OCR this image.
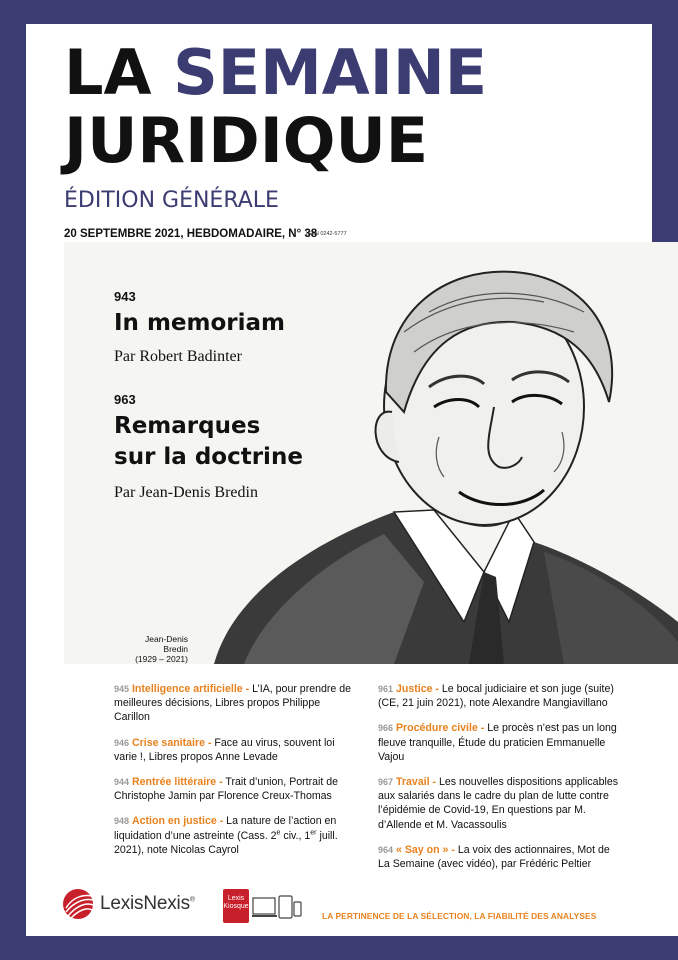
LA SEMAINE
JURIDIQUE
ÉDITION GÉNÉRALE
20 SEPTEMBRE 2021, HEBDOMADAIRE, N° 38
ISSN 0242-5777
943
In memoriam
Par Robert Badinter
963
Remarques
sur la doctrine
Par Jean-Denis Bredin
Jean-Denis Bredin
(1929 – 2021)
945 Intelligence artificielle - L’IA, pour prendre de meilleures décisions, Libres propos Philippe Carillon
946 Crise sanitaire - Face au virus, souvent loi varie !, Libres propos Anne Levade
944 Rentrée littéraire - Trait d’union, Portrait de Christophe Jamin par Florence Creux-Thomas
948 Action en justice - La nature de l’action en liquidation d’une astreinte (Cass. 2e civ., 1er juill. 2021), note Nicolas Cayrol
961 Justice - Le bocal judiciaire et son juge (suite) (CE, 21 juin 2021), note Alexandre Mangiavillano
966 Procédure civile - Le procès n’est pas un long fleuve tranquille, Étude du praticien Emmanuelle Vajou
967 Travail - Les nouvelles dispositions applicables aux salariés dans le cadre du plan de lutte contre l’épidémie de Covid-19, En questions par M. d’Allende et M. Vacassoulis
964 « Say on » - La voix des actionnaires, Mot de La Semaine (avec vidéo), par Frédéric Peltier
LexisNexis®	Lexis
Kiosque
LA PERTINENCE DE LA SÉLECTION, LA FIABILITÉ DES ANALYSES
